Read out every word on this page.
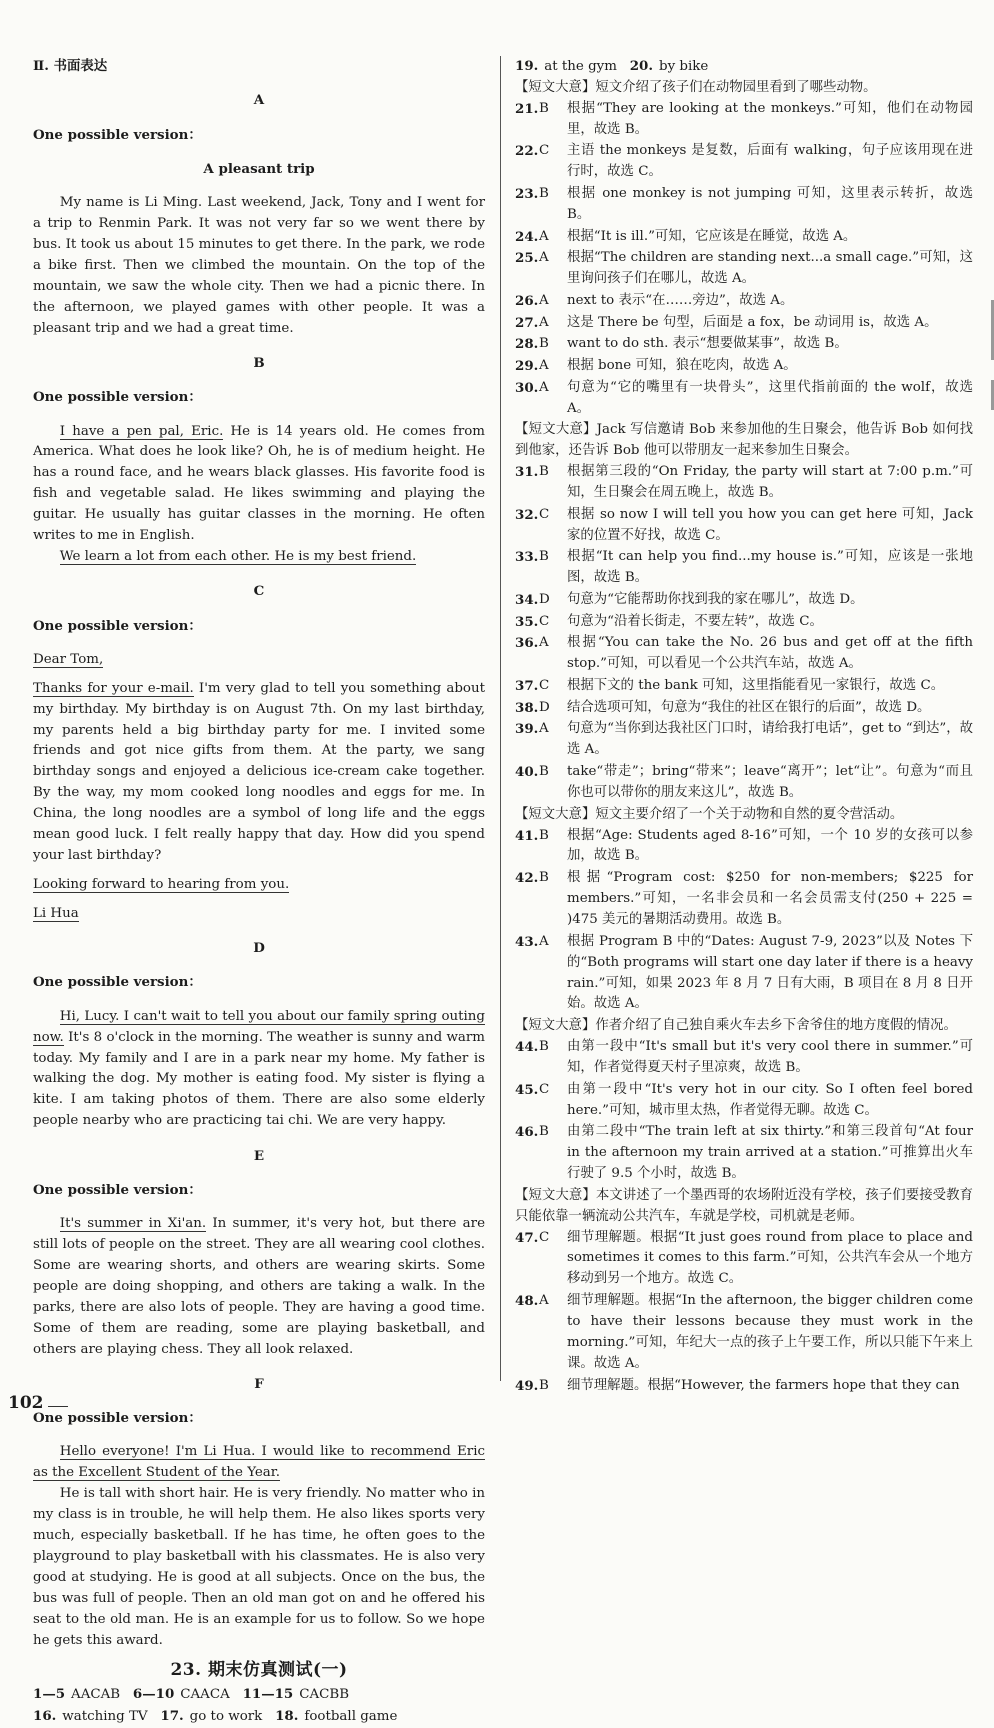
Ⅱ. 书面表达

A

One possible version：

A pleasant trip

My name is Li Ming. Last weekend, Jack, Tony and I went for a trip to Renmin Park. It was not very far so we went there by bus. It took us about 15 minutes to get there. In the park, we rode a bike first. Then we climbed the mountain. On the top of the mountain, we saw the whole city. Then we had a picnic there. In the afternoon, we played games with other people. It was a pleasant trip and we had a great time.

B

One possible version：

I have a pen pal, Eric. He is 14 years old. He comes from America. What does he look like? Oh, he is of medium height. He has a round face, and he wears black glasses. His favorite food is fish and vegetable salad. He likes swimming and playing the guitar. He usually has guitar classes in the morning. He often writes to me in English.

We learn a lot from each other. He is my best friend.

C

One possible version：

Dear Tom,

Thanks for your e-mail. I'm very glad to tell you something about my birthday. My birthday is on August 7th. On my last birthday, my parents held a big birthday party for me. I invited some friends and got nice gifts from them. At the party, we sang birthday songs and enjoyed a delicious ice-cream cake together. By the way, my mom cooked long noodles and eggs for me. In China, the long noodles are a symbol of long life and the eggs mean good luck. I felt really happy that day. How did you spend your last birthday?

Looking forward to hearing from you.

Li Hua

D

One possible version：

Hi, Lucy. I can't wait to tell you about our family spring outing now. It's 8 o'clock in the morning. The weather is sunny and warm today. My family and I are in a park near my home. My father is walking the dog. My mother is eating food. My sister is flying a kite. I am taking photos of them. There are also some elderly people nearby who are practicing tai chi. We are very happy.

E

One possible version：

It's summer in Xi'an. In summer, it's very hot, but there are still lots of people on the street. They are all wearing cool clothes. Some are wearing shorts, and others are wearing skirts. Some people are doing shopping, and others are taking a walk. In the parks, there are also lots of people. They are having a good time. Some of them are reading, some are playing basketball, and others are playing chess. They all look relaxed.

F

One possible version：

Hello everyone! I'm Li Hua. I would like to recommend Eric as the Excellent Student of the Year.

He is tall with short hair. He is very friendly. No matter who in my class is in trouble, he will help them. He also likes sports very much, especially basketball. If he has time, he often goes to the playground to play basketball with his classmates. He is also very good at studying. He is good at all subjects. Once on the bus, the bus was full of people. Then an old man got on and he offered his seat to the old man. He is an example for us to follow. So we hope he gets this award.

23. 期末仿真测试(一)

1—5 AACAB 6—10 CAACA 11—15 CACBB

16. watching TV 17. go to work 18. football game

19. at the gym 20. by bike

【短文大意】短文介绍了孩子们在动物园里看到了哪些动物。

21. B	根据“They are looking at the monkeys.”可知，他们在动物园里，故选 B。
22. C	主语 the monkeys 是复数，后面有 walking，句子应该用现在进行时，故选 C。
23. B	根据 one monkey is not jumping 可知，这里表示转折，故选 B。
24. A	根据“It is ill.”可知，它应该是在睡觉，故选 A。
25. A	根据“The children are standing next...a small cage.”可知，这里询问孩子们在哪儿，故选 A。
26. A	next to 表示“在……旁边”，故选 A。
27. A	这是 There be 句型，后面是 a fox，be 动词用 is，故选 A。
28. B	want to do sth. 表示“想要做某事”，故选 B。
29. A	根据 bone 可知，狼在吃肉，故选 A。
30. A	句意为“它的嘴里有一块骨头”，这里代指前面的 the wolf，故选 A。

【短文大意】Jack 写信邀请 Bob 来参加他的生日聚会，他告诉 Bob 如何找到他家，还告诉 Bob 他可以带朋友一起来参加生日聚会。

31. B	根据第三段的“On Friday, the party will start at 7:00 p.m.”可知，生日聚会在周五晚上，故选 B。
32. C	根据 so now I will tell you how you can get here 可知，Jack 家的位置不好找，故选 C。
33. B	根据“It can help you find...my house is.”可知，应该是一张地图，故选 B。
34. D	句意为“它能帮助你找到我的家在哪儿”，故选 D。
35. C	句意为“沿着长街走，不要左转”，故选 C。
36. A	根据“You can take the No. 26 bus and get off at the fifth stop.”可知，可以看见一个公共汽车站，故选 A。
37. C	根据下文的 the bank 可知，这里指能看见一家银行，故选 C。
38. D	结合选项可知，句意为“我住的社区在银行的后面”，故选 D。
39. A	句意为“当你到达我社区门口时，请给我打电话”，get to “到达”，故选 A。
40. B	take“带走”；bring“带来”；leave“离开”；let“让”。句意为“而且你也可以带你的朋友来这儿”，故选 B。

【短文大意】短文主要介绍了一个关于动物和自然的夏令营活动。

41. B	根据“Age: Students aged 8-16”可知，一个 10 岁的女孩可以参加，故选 B。
42. B	根据“Program cost: $250 for non-members; $225 for members.”可知，一名非会员和一名会员需支付(250 + 225 = )475 美元的暑期活动费用。故选 B。
43. A	根据 Program B 中的“Dates: August 7-9, 2023”以及 Notes 下的“Both programs will start one day later if there is a heavy rain.”可知，如果 2023 年 8 月 7 日有大雨，B 项目在 8 月 8 日开始。故选 A。

【短文大意】作者介绍了自己独自乘火车去乡下舍爷住的地方度假的情况。

44. B	由第一段中“It's small but it's very cool there in summer.”可知，作者觉得夏天村子里凉爽，故选 B。
45. C	由第一段中“It's very hot in our city. So I often feel bored here.”可知，城市里太热，作者觉得无聊。故选 C。
46. B	由第二段中“The train left at six thirty.”和第三段首句“At four in the afternoon my train arrived at a station.”可推算出火车行驶了 9.5 个小时，故选 B。

【短文大意】本文讲述了一个墨西哥的农场附近没有学校，孩子们要接受教育只能依靠一辆流动公共汽车，车就是学校，司机就是老师。

47. C	细节理解题。根据“It just goes round from place to place and sometimes it comes to this farm.”可知，公共汽车会从一个地方移动到另一个地方。故选 C。
48. A	细节理解题。根据“In the afternoon, the bigger children come to have their lessons because they must work in the morning.”可知，年纪大一点的孩子上午要工作，所以只能下午来上课。故选 A。
49. B	细节理解题。根据“However, the farmers hope that they can
102
